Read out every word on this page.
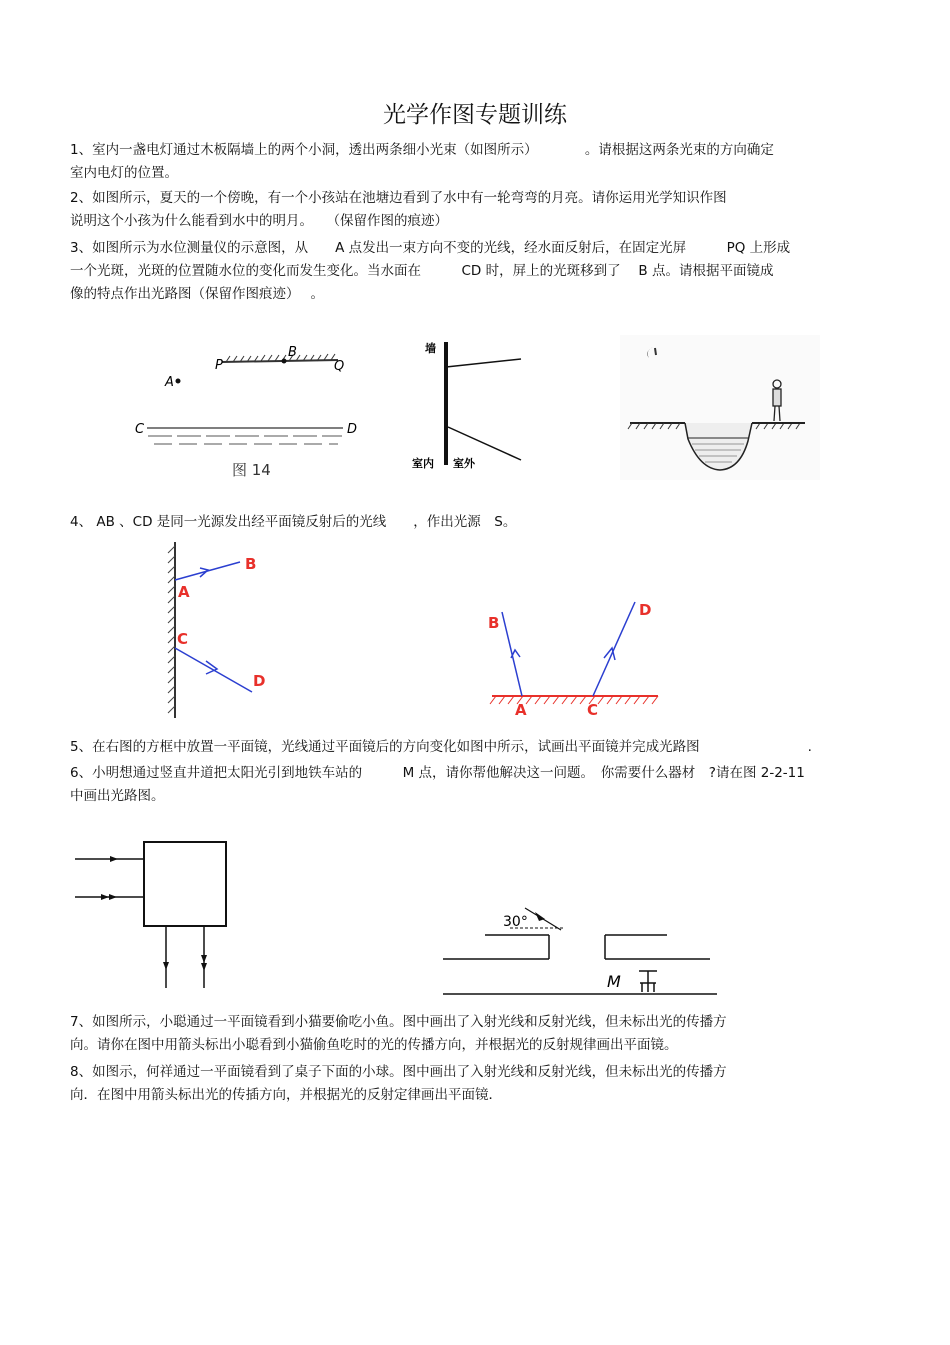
光学作图专题训练

1、室内一盏电灯通过木板隔墙上的两个小洞，透出两条细小光束（如图所示）　　　　。请根据这两条光束的方向确定

室内电灯的位置。

2、如图所示，夏天的一个傍晚，有一个小孩站在池塘边看到了水中有一轮弯弯的月亮。请你运用光学知识作图

说明这个小孩为什么能看到水中的明月。　　（保留作图的痕迹）

3、如图所示为水位测量仪的示意图，从　　A 点发出一束方向不变的光线，经水面反射后，在固定光屏　　　PQ 上形成

一个光斑，光斑的位置随水位的变化而发生变化。当水面在　　　CD 时，屏上的光斑移到了　 B 点。请根据平面镜成

像的特点作出光路图（保留作图痕迹）　 。

P
B
Q
A
C	D
图 14
墙
室内 室外

4、 AB 、CD 是同一光源发出经平面镜反射后的光线　　，作出光源　S。

A
B
C
D
B
D
A	C

5、在右图的方框中放置一平面镜，光线通过平面镜后的方向变化如图中所示，试画出平面镜并完成光路图　　　　　　　　.

6、小明想通过竖直井道把太阳光引到地铁车站的　　　M 点，请你帮他解决这一问题。　你需要什么器材　?请在图 2-2-11

中画出光路图。

30°
M

7、如图所示，小聪通过一平面镜看到小猫要偷吃小鱼。图中画出了入射光线和反射光线，但未标出光的传播方

向。请你在图中用箭头标出小聪看到小猫偷鱼吃时的光的传播方向，并根据光的反射规律画出平面镜。

8、如图示，何祥通过一平面镜看到了桌子下面的小球。图中画出了入射光线和反射光线，但未标出光的传播方

向．在图中用箭头标出光的传插方向，并根据光的反射定律画出平面镜．
